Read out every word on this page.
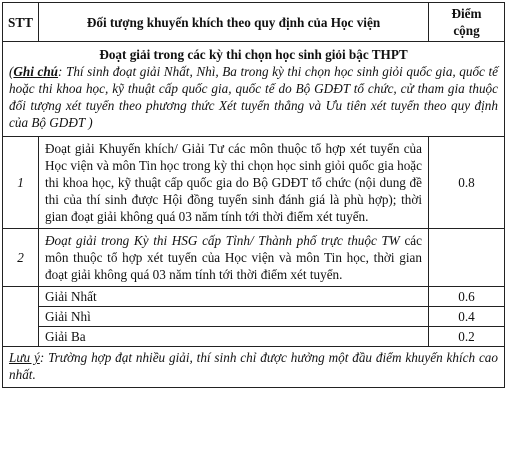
STT	Đối tượng khuyến khích theo quy định của Học viện	Điểm
cộng

Đoạt giải trong các kỳ thi chọn học sinh giỏi bậc THPT
(Ghi chú: Thí sinh đoạt giải Nhất, Nhì, Ba trong kỳ thi chọn học sinh giỏi quốc gia, quốc tế hoặc thi khoa học, kỹ thuật cấp quốc gia, quốc tế do Bộ GDĐT tổ chức, cử tham gia thuộc đối tượng xét tuyển theo phương thức Xét tuyển thẳng và Ưu tiên xét tuyển theo quy định của Bộ GDĐT )		

1	Đoạt giải Khuyến khích/ Giải Tư các môn thuộc tổ hợp xét tuyển của Học viện và môn Tin học trong kỳ thi chọn học sinh giỏi quốc gia hoặc thi khoa học, kỹ thuật cấp quốc gia do Bộ GDĐT tổ chức (nội dung đề thi của thí sinh được Hội đồng tuyển sinh đánh giá là phù hợp); thời gian đoạt giải không quá 03 năm tính tới thời điểm xét tuyển.	0.8
2	Đoạt giải trong Kỳ thi HSG cấp Tỉnh/ Thành phố trực thuộc TW các môn thuộc tổ hợp xét tuyển của Học viện và môn Tin học, thời gian đoạt giải không quá 03 năm tính tới thời điểm xét tuyển.	
	Giải Nhất	0.6
	Giải Nhì	0.4
	Giải Ba	0.2
Lưu ý: Trường hợp đạt nhiều giải, thí sinh chỉ được hưởng một đầu điểm khuyến khích cao nhất.		
